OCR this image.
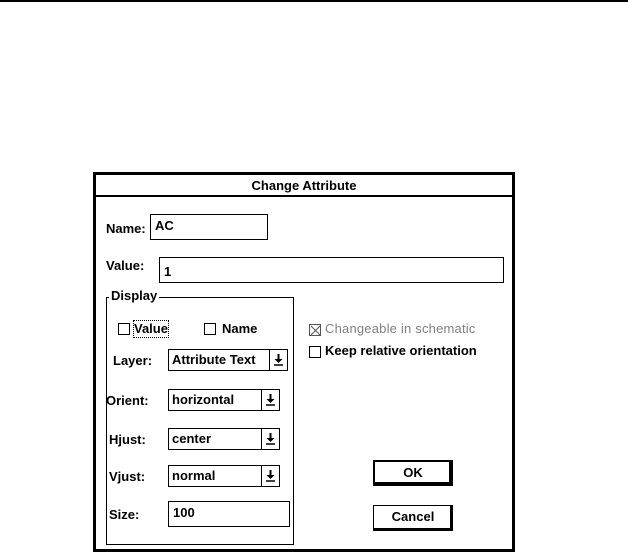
Change Attribute
Name: AC
Value:	1
Display
Value	Name
Layer: Attribute Text
Orient: horizontal
Hjust: center
Vjust: normal
Size:	100
Changeable in schematic
Keep relative orientation
OK
Cancel
